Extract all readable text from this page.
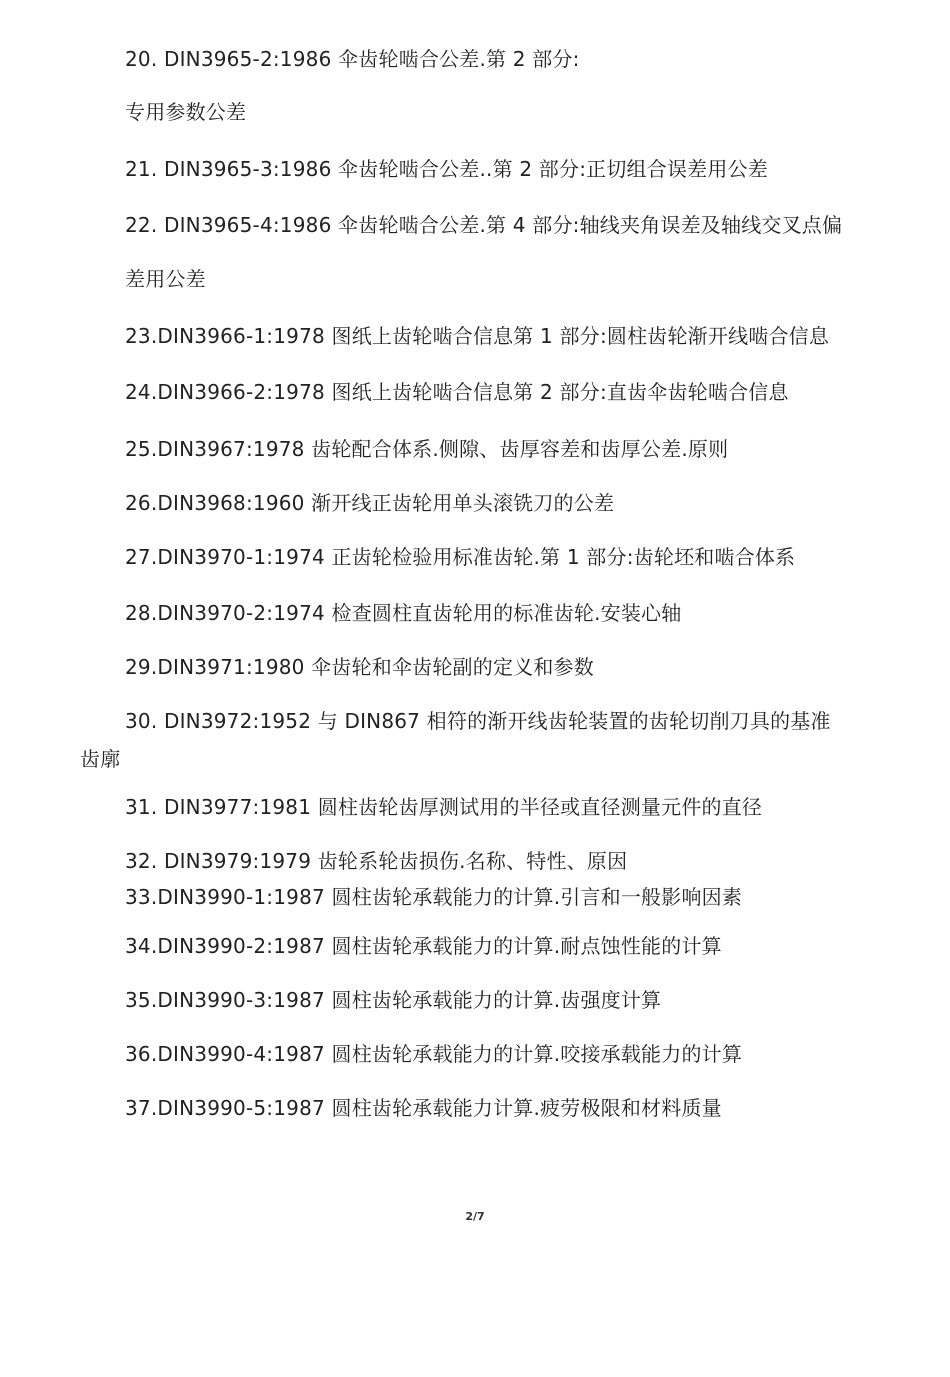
20. DIN3965-2:1986 伞齿轮啮合公差.第 2 部分:
专用参数公差
21. DIN3965-3:1986 伞齿轮啮合公差..第 2 部分:正切组合误差用公差
22. DIN3965-4:1986 伞齿轮啮合公差.第 4 部分:轴线夹角误差及轴线交叉点偏
差用公差
23.DIN3966-1:1978 图纸上齿轮啮合信息第 1 部分:圆柱齿轮渐开线啮合信息
24.DIN3966-2:1978 图纸上齿轮啮合信息第 2 部分:直齿伞齿轮啮合信息
25.DIN3967:1978 齿轮配合体系.侧隙、齿厚容差和齿厚公差.原则
26.DIN3968:1960 渐开线正齿轮用单头滚铣刀的公差
27.DIN3970-1:1974 正齿轮检验用标准齿轮.第 1 部分:齿轮坯和啮合体系
28.DIN3970-2:1974 检查圆柱直齿轮用的标准齿轮.安装心轴
29.DIN3971:1980 伞齿轮和伞齿轮副的定义和参数
30. DIN3972:1952 与 DIN867 相符的渐开线齿轮装置的齿轮切削刀具的基准
齿廓
31. DIN3977:1981 圆柱齿轮齿厚测试用的半径或直径测量元件的直径
32. DIN3979:1979 齿轮系轮齿损伤.名称、特性、原因
33.DIN3990-1:1987 圆柱齿轮承载能力的计算.引言和一般影响因素
34.DIN3990-2:1987 圆柱齿轮承载能力的计算.耐点蚀性能的计算
35.DIN3990-3:1987 圆柱齿轮承载能力的计算.齿强度计算
36.DIN3990-4:1987 圆柱齿轮承载能力的计算.咬接承载能力的计算
37.DIN3990-5:1987 圆柱齿轮承载能力计算.疲劳极限和材料质量
2/7
